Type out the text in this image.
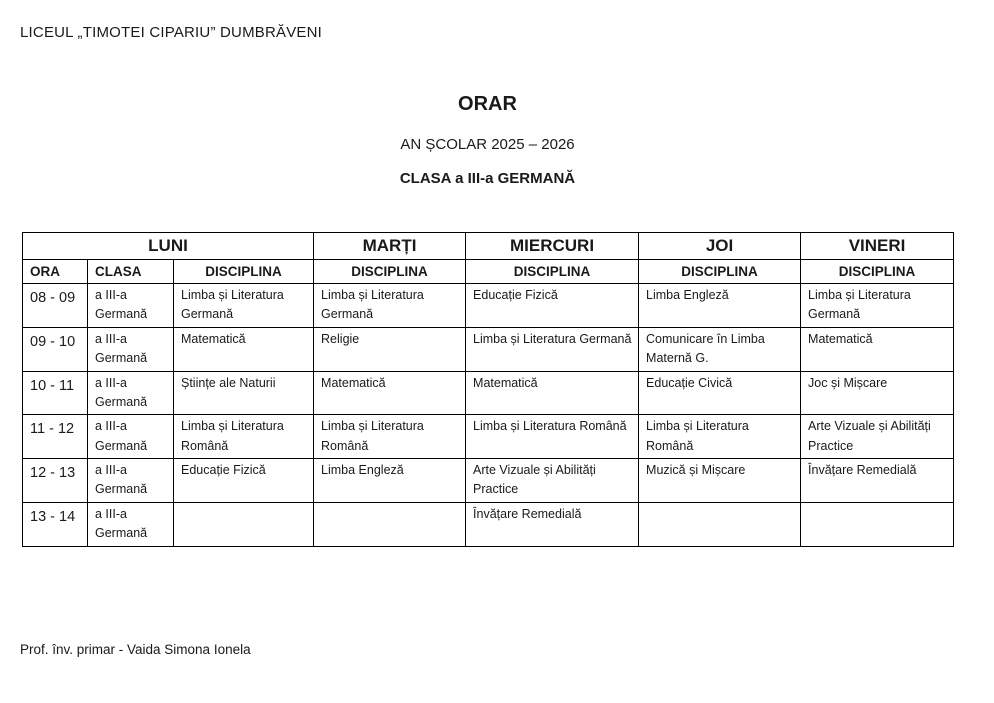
LICEUL „TIMOTEI CIPARIU” DUMBRĂVENI
ORAR
AN ȘCOLAR 2025 – 2026
CLASA a III-a GERMANĂ
LUNI			MARȚI	MIERCURI	JOI	VINERI
ORA	CLASA	DISCIPLINA	DISCIPLINA	DISCIPLINA	DISCIPLINA	DISCIPLINA
08 - 09	a III-a Germană	Limba și Literatura Germană	Limba și Literatura Germană	Educație Fizică	Limba Engleză	Limba și Literatura Germană
09 - 10	a III-a Germană	Matematică	Religie	Limba și Literatura Germană	Comunicare în Limba Maternă G.	Matematică
10 - 11	a III-a Germană	Științe ale Naturii	Matematică	Matematică	Educație Civică	Joc și Mișcare
11 - 12	a III-a Germană	Limba și Literatura Română	Limba și Literatura Română	Limba și Literatura Română	Limba și Literatura Română	Arte Vizuale și Abilități Practice
12 - 13	a III-a Germană	Educație Fizică	Limba Engleză	Arte Vizuale și Abilități Practice	Muzică și Mișcare	Învățare Remedială
13 - 14	a III-a Germană			Învățare Remedială		
Prof. înv. primar - Vaida Simona Ionela
